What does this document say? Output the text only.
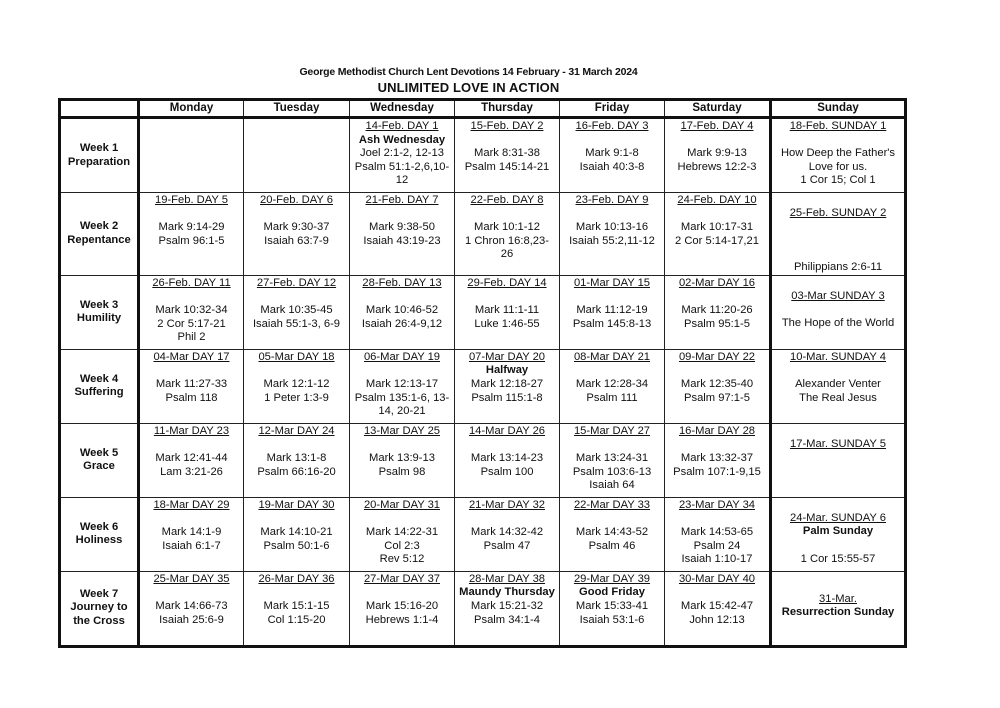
George Methodist Church Lent Devotions 14 February - 31 March 2024
UNLIMITED LOVE IN ACTION
	Monday	Tuesday	Wednesday	Thursday	Friday	Saturday	Sunday

Week 1
Preparation			14-Feb. DAY 1
Ash Wednesday
Joel 2:1-2, 12-13
Psalm 51:1-2,6,10-
12	15-Feb. DAY 2
Mark 8:31-38
Psalm 145:14-21	16-Feb. DAY 3
Mark 9:1-8
Isaiah 40:3-8	17-Feb. DAY 4
Mark 9:9-13
Hebrews 12:2-3	18-Feb. SUNDAY 1
How Deep the Father's
Love for us.
1 Cor 15; Col 1

Week 2
Repentance	19-Feb. DAY 5
Mark 9:14-29
Psalm 96:1-5	20-Feb. DAY 6
Mark 9:30-37
Isaiah 63:7-9	21-Feb. DAY 7
Mark 9:38-50
Isaiah 43:19-23	22-Feb. DAY 8
Mark 10:1-12
1 Chron 16:8,23-
26	23-Feb. DAY 9
Mark 10:13-16
Isaiah 55:2,11-12	24-Feb. DAY 10
Mark 10:17-31
2 Cor 5:14-17,21	25-Feb. SUNDAY 2
Philippians 2:6-11

Week 3
Humility	26-Feb. DAY 11
Mark 10:32-34
2 Cor 5:17-21
Phil 2	27-Feb. DAY 12
Mark 10:35-45
Isaiah 55:1-3, 6-9	28-Feb. DAY 13
Mark 10:46-52
Isaiah 26:4-9,12	29-Feb. DAY 14
Mark 11:1-11
Luke 1:46-55	01-Mar DAY 15
Mark 11:12-19
Psalm 145:8-13	02-Mar DAY 16
Mark 11:20-26
Psalm 95:1-5	03-Mar SUNDAY 3
The Hope of the World

Week 4
Suffering	04-Mar DAY 17
Mark 11:27-33
Psalm 118	05-Mar DAY 18
Mark 12:1-12
1 Peter 1:3-9	06-Mar DAY 19
Mark 12:13-17
Psalm 135:1-6, 13-
14, 20-21	07-Mar DAY 20
Halfway
Mark 12:18-27
Psalm 115:1-8	08-Mar DAY 21
Mark 12:28-34
Psalm 111	09-Mar DAY 22
Mark 12:35-40
Psalm 97:1-5	10-Mar. SUNDAY 4
Alexander Venter
The Real Jesus

Week 5
Grace	11-Mar DAY 23
Mark 12:41-44
Lam 3:21-26	12-Mar DAY 24
Mark 13:1-8
Psalm 66:16-20	13-Mar DAY 25
Mark 13:9-13
Psalm 98	14-Mar DAY 26
Mark 13:14-23
Psalm 100	15-Mar DAY 27
Mark 13:24-31
Psalm 103:6-13
Isaiah 64	16-Mar DAY 28
Mark 13:32-37
Psalm 107:1-9,15	17-Mar. SUNDAY 5

Week 6
Holiness	18-Mar DAY 29
Mark 14:1-9
Isaiah 6:1-7	19-Mar DAY 30
Mark 14:10-21
Psalm 50:1-6	20-Mar DAY 31
Mark 14:22-31
Col 2:3
Rev 5:12	21-Mar DAY 32
Mark 14:32-42
Psalm 47	22-Mar DAY 33
Mark 14:43-52
Psalm 46	23-Mar DAY 34
Mark 14:53-65
Psalm 24
Isaiah 1:10-17	24-Mar. SUNDAY 6
Palm Sunday
1 Cor 15:55-57

Week 7
Journey to
the Cross	25-Mar DAY 35
Mark 14:66-73
Isaiah 25:6-9	26-Mar DAY 36
Mark 15:1-15
Col 1:15-20	27-Mar DAY 37
Mark 15:16-20
Hebrews 1:1-4	28-Mar DAY 38
Maundy Thursday
Mark 15:21-32
Psalm 34:1-4	29-Mar DAY 39
Good Friday
Mark 15:33-41
Isaiah 53:1-6	30-Mar DAY 40
Mark 15:42-47
John 12:13	31-Mar.
Resurrection Sunday
